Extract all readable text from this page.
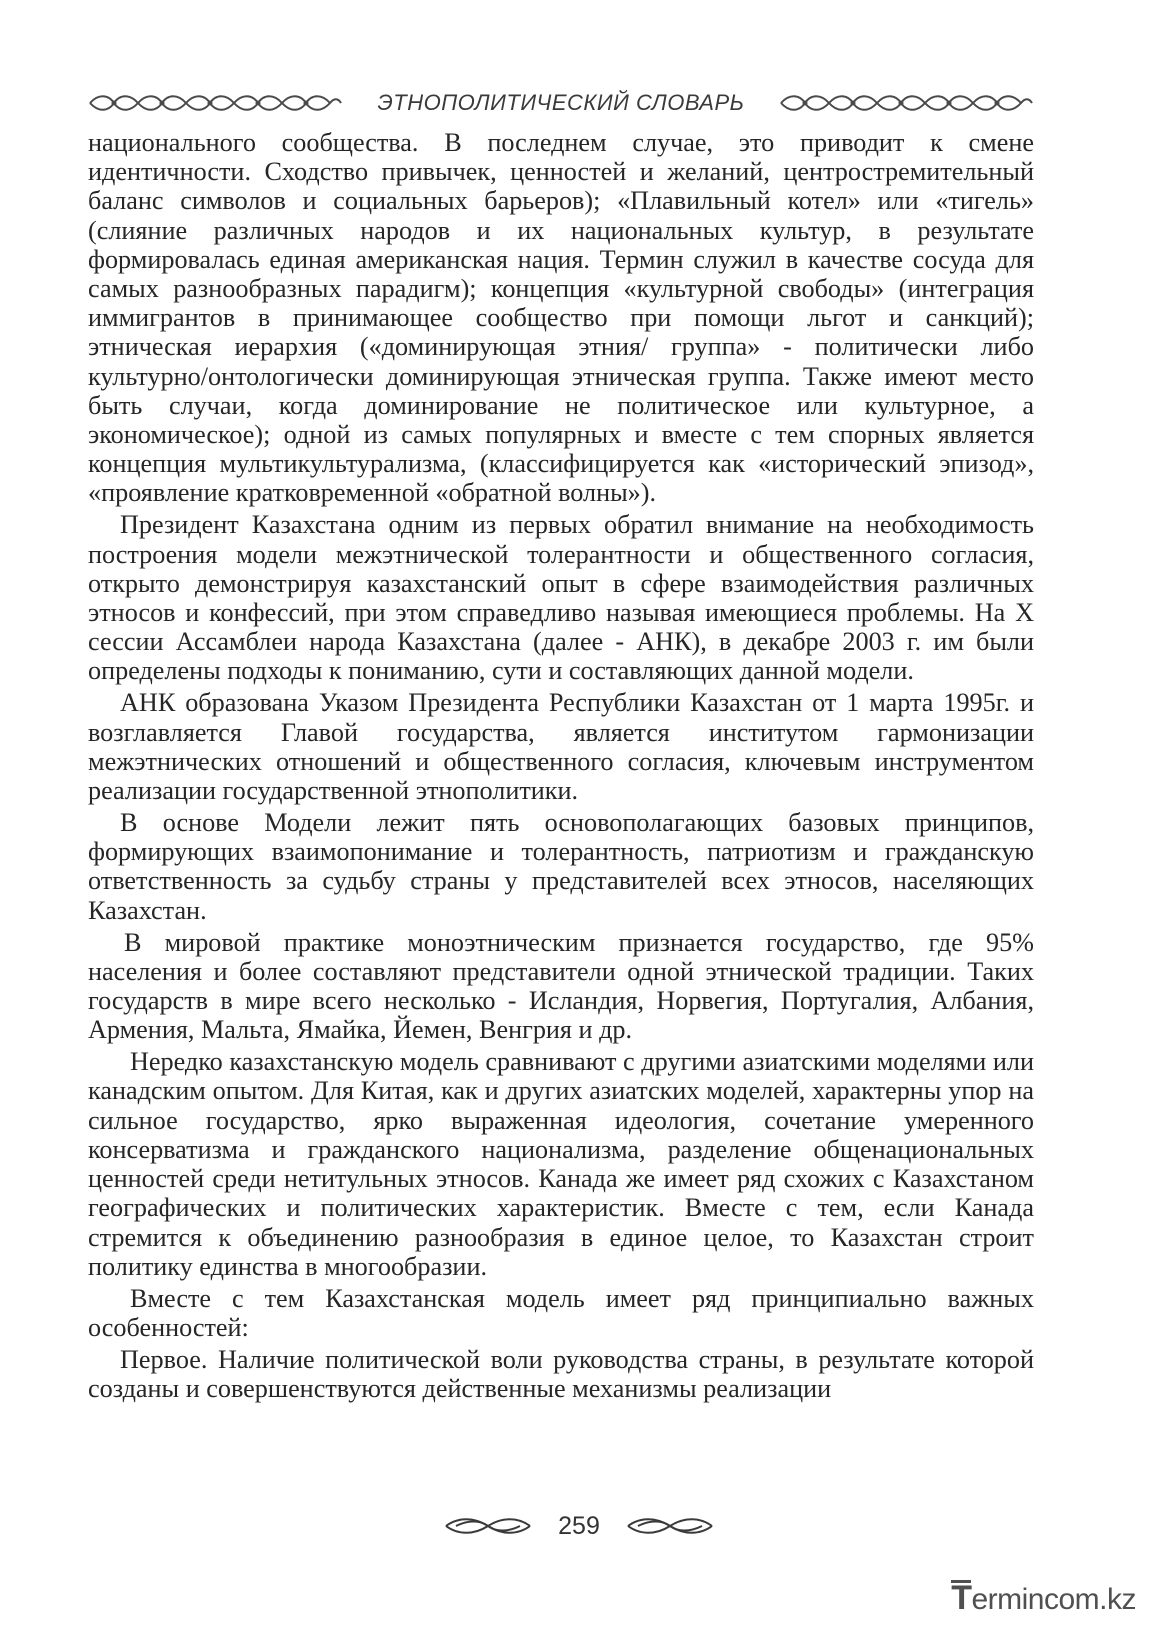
ЭТНОПОЛИТИЧЕСКИЙ СЛОВАРЬ

национального сообщества. В последнем случае, это приводит к смене идентичности. Сходство привычек, ценностей и желаний, центростремительный баланс символов и социальных барьеров); «Плавильный котел» или «тигель» (слияние различных народов и их национальных культур, в результате формировалась единая американская нация. Термин служил в качестве сосуда для самых разнообразных парадигм); концепция «культурной свободы» (интеграция иммигрантов в принимающее сообщество при помощи льгот и санкций); этническая иерархия («доминирующая этния/ группа» - политически либо культурно/онтологически доминирующая этническая группа. Также имеют место быть случаи, когда доминирование не политическое или культурное, а экономическое); одной из самых популярных и вместе с тем спорных является концепция мультикультурализма, (классифицируется как «исторический эпизод», «проявление кратковременной «обратной волны»).

Президент Казахстана одним из первых обратил внимание на необходимость построения модели межэтнической толерантности и общественного согласия, открыто демонстрируя казахстанский опыт в сфере взаимодействия различных этносов и конфессий, при этом справедливо называя имеющиеся проблемы. На X сессии Ассамблеи народа Казахстана (далее - АНК), в декабре 2003 г. им были определены подходы к пониманию, сути и составляющих данной модели.

АНК образована Указом Президента Республики Казахстан от 1 марта 1995г. и возглавляется Главой государства, является институтом гармонизации межэтнических отношений и общественного согласия, ключевым инструментом реализации государственной этнополитики.

В основе Модели лежит пять основополагающих базовых принципов, формирующих взаимопонимание и толерантность, патриотизм и гражданскую ответственность за судьбу страны у представителей всех этносов, населяющих Казахстан.

В мировой практике моноэтническим признается государство, где 95% населения и более составляют представители одной этнической традиции. Таких государств в мире всего несколько - Исландия, Норвегия, Португалия, Албания, Армения, Мальта, Ямайка, Йемен, Венгрия и др.

Нередко казахстанскую модель сравнивают с другими азиатскими моделями или канадским опытом. Для Китая, как и других азиатских моделей, характерны упор на сильное государство, ярко выраженная идеология, сочетание умеренного консерватизма и гражданского национализма, разделение общенациональных ценностей среди нетитульных этносов. Канада же имеет ряд схожих с Казахстаном географических и политических характеристик. Вместе с тем, если Канада стремится к объединению разнообразия в единое целое, то Казахстан строит политику единства в многообразии.

Вместе с тем Казахстанская модель имеет ряд принципиально важных особенностей:

Первое. Наличие политической воли руководства страны, в результате которой созданы и совершенствуются действенные механизмы реализации

259
T ermincom.kz
